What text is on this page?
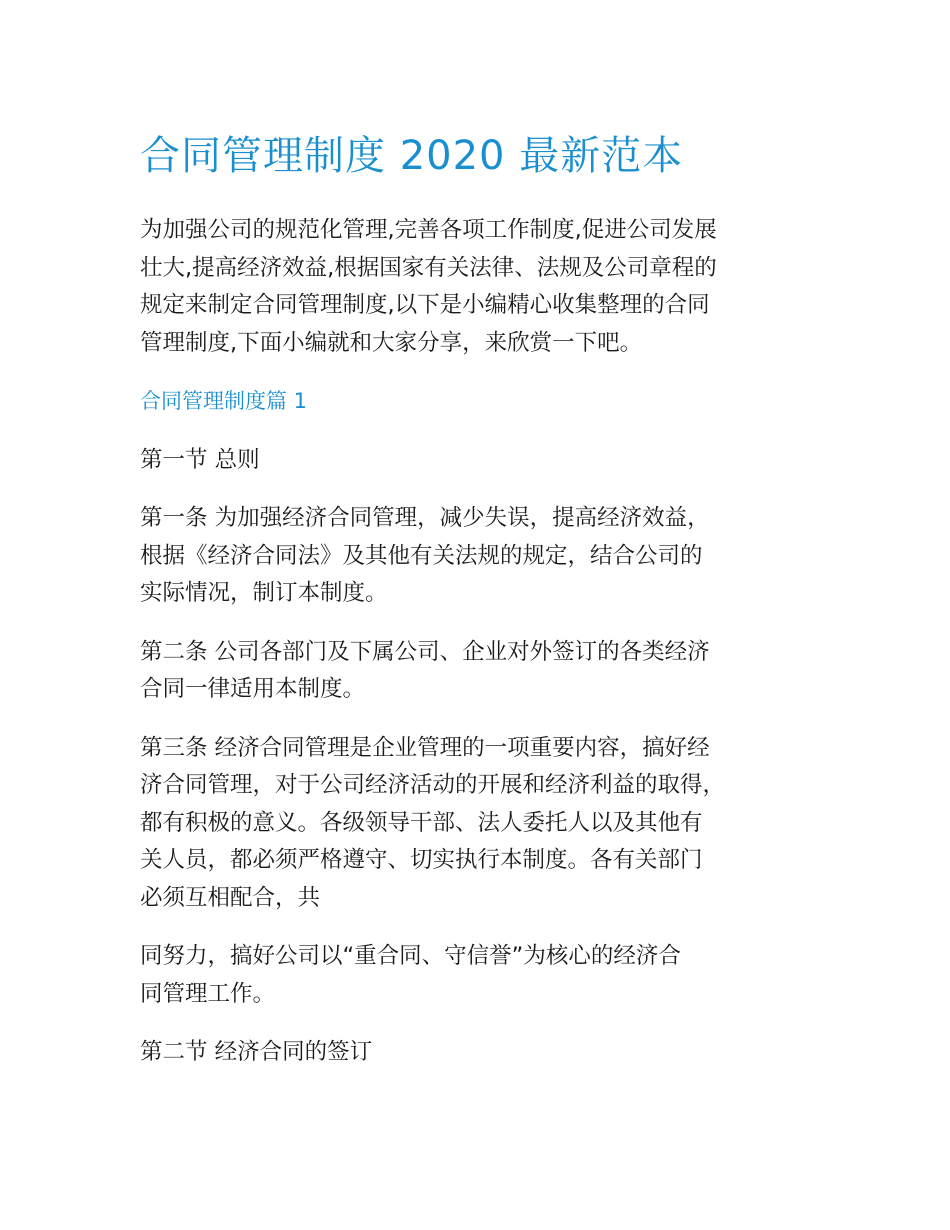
合同管理制度 2020 最新范本
为加强公司的规范化管理,完善各项工作制度,促进公司发展
壮大,提高经济效益,根据国家有关法律、法规及公司章程的
规定来制定合同管理制度,以下是小编精心收集整理的合同
管理制度,下面小编就和大家分享，来欣赏一下吧。
合同管理制度篇 1
第一节 总则
第一条 为加强经济合同管理，减少失误，提高经济效益，
根据《经济合同法》及其他有关法规的规定，结合公司的
实际情况，制订本制度。
第二条 公司各部门及下属公司、企业对外签订的各类经济
合同一律适用本制度。
第三条 经济合同管理是企业管理的一项重要内容，搞好经
济合同管理，对于公司经济活动的开展和经济利益的取得，
都有积极的意义。各级领导干部、法人委托人以及其他有
关人员，都必须严格遵守、切实执行本制度。各有关部门
必须互相配合，共
同努力，搞好公司以“重合同、守信誉”为核心的经济合
同管理工作。
第二节 经济合同的签订
